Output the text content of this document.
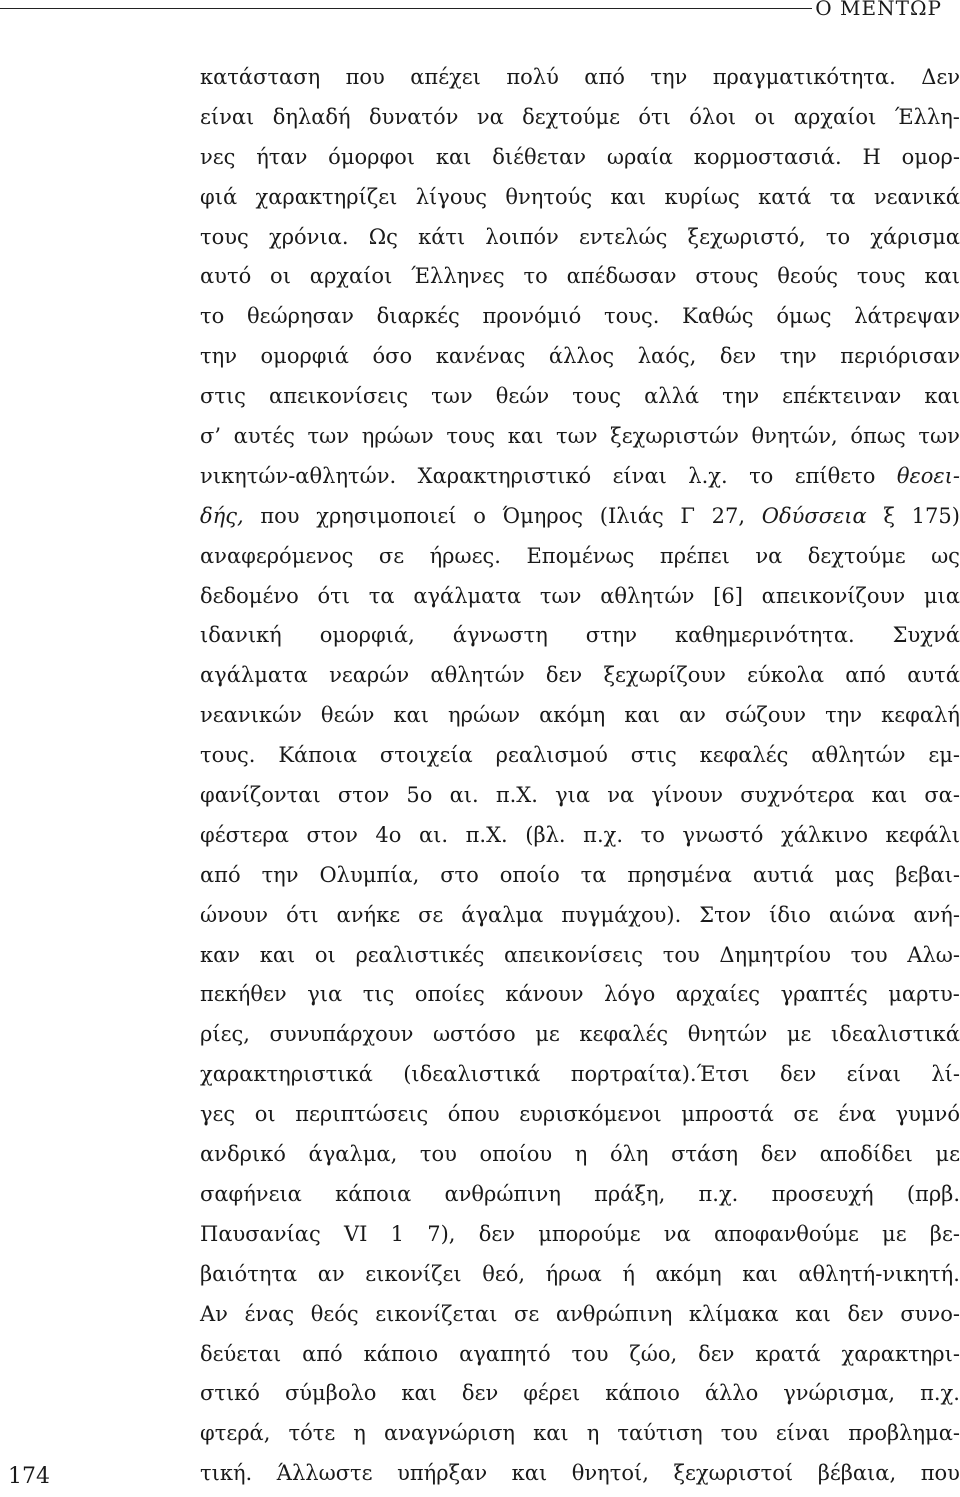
Ο ΜΕΝΤΩΡ
κατάσταση που απέχει πολύ από την πραγματικότητα. Δεν
είναι δηλαδή δυνατόν να δεχτούμε ότι όλοι οι αρχαίοι Έλλη-
νες ήταν όμορφοι και διέθεταν ωραία κορμοστασιά. Η ομορ-
φιά χαρακτηρίζει λίγους θνητούς και κυρίως κατά τα νεανικά
τους χρόνια. Ως κάτι λοιπόν εντελώς ξεχωριστό, το χάρισμα
αυτό οι αρχαίοι Έλληνες το απέδωσαν στους θεούς τους και
το θεώρησαν διαρκές προνόμιό τους. Καθώς όμως λάτρεψαν
την ομορφιά όσο κανένας άλλος λαός, δεν την περιόρισαν
στις απεικονίσεις των θεών τους αλλά την επέκτειναν και
σ’ αυτές των ηρώων τους και των ξεχωριστών θνητών, όπως των
νικητών-αθλητών. Χαρακτηριστικό είναι λ.χ. το επίθετο θεοει-
δής, που χρησιμοποιεί ο Όμηρος (Ιλιάς Γ 27, Οδύσσεια ξ 175)
αναφερόμενος σε ήρωες. Επομένως πρέπει να δεχτούμε ως
δεδομένο ότι τα αγάλματα των αθλητών [6] απεικονίζουν μια
ιδανική ομορφιά, άγνωστη στην καθημερινότητα. Συχνά
αγάλματα νεαρών αθλητών δεν ξεχωρίζουν εύκολα από αυτά
νεανικών θεών και ηρώων ακόμη και αν σώζουν την κεφαλή
τους. Κάποια στοιχεία ρεαλισμού στις κεφαλές αθλητών εμ-
φανίζονται στον 5ο αι. π.Χ. για να γίνουν συχνότερα και σα-
φέστερα στον 4ο αι. π.Χ. (βλ. π.χ. το γνωστό χάλκινο κεφάλι
από την Ολυμπία, στο οποίο τα πρησμένα αυτιά μας βεβαι-
ώνουν ότι ανήκε σε άγαλμα πυγμάχου). Στον ίδιο αιώνα ανή-
καν και οι ρεαλιστικές απεικονίσεις του Δημητρίου του Αλω-
πεκήθεν για τις οποίες κάνουν λόγο αρχαίες γραπτές μαρτυ-
ρίες, συνυπάρχουν ωστόσο με κεφαλές θνητών με ιδεαλιστικά
χαρακτηριστικά (ιδεαλιστικά πορτραίτα).Έτσι δεν είναι λί-
γες οι περιπτώσεις όπου ευρισκόμενοι μπροστά σε ένα γυμνό
ανδρικό άγαλμα, του οποίου η όλη στάση δεν αποδίδει με
σαφήνεια κάποια ανθρώπινη πράξη, π.χ. προσευχή (πρβ.
Παυσανίας VI 1 7), δεν μπορούμε να αποφανθούμε με βε-
βαιότητα αν εικονίζει θεό, ήρωα ή ακόμη και αθλητή-νικητή.
Αν ένας θεός εικονίζεται σε ανθρώπινη κλίμακα και δεν συνο-
δεύεται από κάποιο αγαπητό του ζώο, δεν κρατά χαρακτηρι-
στικό σύμβολο και δεν φέρει κάποιο άλλο γνώρισμα, π.χ.
φτερά, τότε η αναγνώριση και η ταύτιση του είναι προβλημα-
τική. Άλλωστε υπήρξαν και θνητοί, ξεχωριστοί βέβαια, που
174
